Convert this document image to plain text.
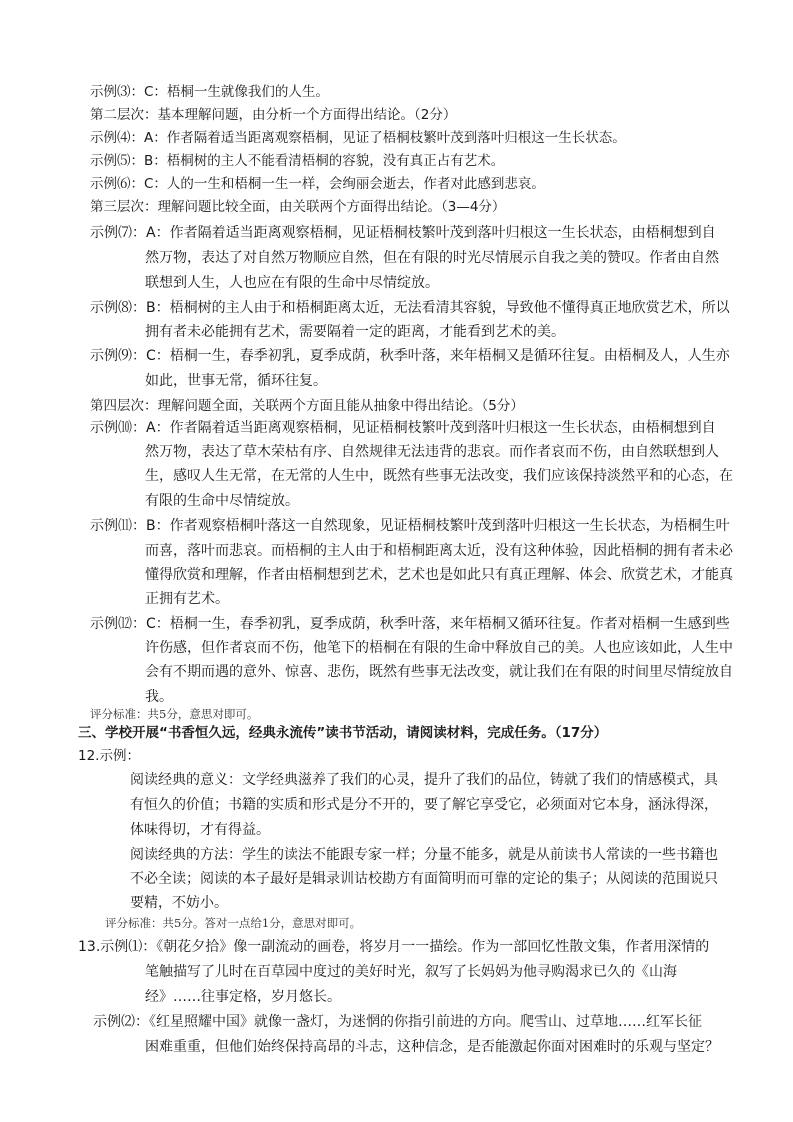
示例⑶：C：梧桐一生就像我们的人生。
第二层次：基本理解问题，由分析一个方面得出结论。（2分）
示例⑷：A：作者隔着适当距离观察梧桐，见证了梧桐枝繁叶茂到落叶归根这一生长状态。
示例⑸：B：梧桐树的主人不能看清梧桐的容貌，没有真正占有艺术。
示例⑹：C：人的一生和梧桐一生一样，会绚丽会逝去，作者对此感到悲哀。
第三层次：理解问题比较全面，由关联两个方面得出结论。（3—4分）
示例⑺：A：作者隔着适当距离观察梧桐，见证梧桐枝繁叶茂到落叶归根这一生长状态，由梧桐想到自
然万物，表达了对自然万物顺应自然，但在有限的时光尽情展示自我之美的赞叹。作者由自然
联想到人生，人也应在有限的生命中尽情绽放。
示例⑻：B：梧桐树的主人由于和梧桐距离太近，无法看清其容貌，导致他不懂得真正地欣赏艺术，所以
拥有者未必能拥有艺术，需要隔着一定的距离，才能看到艺术的美。
示例⑼：C：梧桐一生，春季初乳，夏季成荫，秋季叶落，来年梧桐又是循环往复。由梧桐及人，人生亦
如此，世事无常，循环往复。
第四层次：理解问题全面，关联两个方面且能从抽象中得出结论。（5分）
示例⑽：A：作者隔着适当距离观察梧桐，见证梧桐枝繁叶茂到落叶归根这一生长状态，由梧桐想到自
然万物，表达了草木荣枯有序、自然规律无法违背的悲哀。而作者哀而不伤，由自然联想到人
生，感叹人生无常，在无常的人生中，既然有些事无法改变，我们应该保持淡然平和的心态，在
有限的生命中尽情绽放。
示例⑾：B：作者观察梧桐叶落这一自然现象，见证梧桐枝繁叶茂到落叶归根这一生长状态，为梧桐生叶
而喜，落叶而悲哀。而梧桐的主人由于和梧桐距离太近，没有这种体验，因此梧桐的拥有者未必
懂得欣赏和理解，作者由梧桐想到艺术，艺术也是如此只有真正理解、体会、欣赏艺术，才能真
正拥有艺术。
示例⑿：C：梧桐一生，春季初乳，夏季成荫，秋季叶落，来年梧桐又循环往复。作者对梧桐一生感到些
许伤感，但作者哀而不伤，他笔下的梧桐在有限的生命中释放自己的美。人也应该如此，人生中
会有不期而遇的意外、惊喜、悲伤，既然有些事无法改变，就让我们在有限的时间里尽情绽放自
我。
评分标准：共5分，意思对即可。
三、学校开展“书香恒久远，经典永流传”读书节活动，请阅读材料，完成任务。（17分）
12.示例：
阅读经典的意义：文学经典滋养了我们的心灵，提升了我们的品位，铸就了我们的情感模式，具
有恒久的价值；书籍的实质和形式是分不开的，要了解它享受它，必须面对它本身，涵泳得深，
体味得切，才有得益。
阅读经典的方法：学生的读法不能跟专家一样；分量不能多，就是从前读书人常读的一些书籍也
不必全读；阅读的本子最好是辑录训诂校勘方有面简明而可靠的定论的集子；从阅读的范围说只
要精，不妨小。
评分标准：共5分。答对一点给1分，意思对即可。
13.示例⑴：《朝花夕拾》像一副流动的画卷，将岁月一一描绘。作为一部回忆性散文集，作者用深情的
笔触描写了儿时在百草园中度过的美好时光，叙写了长妈妈为他寻购渴求已久的《山海
经》……往事定格，岁月悠长。
示例⑵：《红星照耀中国》就像一盏灯，为迷惘的你指引前进的方向。爬雪山、过草地……红军长征
困难重重，但他们始终保持高昂的斗志，这种信念，是否能激起你面对困难时的乐观与坚定？
